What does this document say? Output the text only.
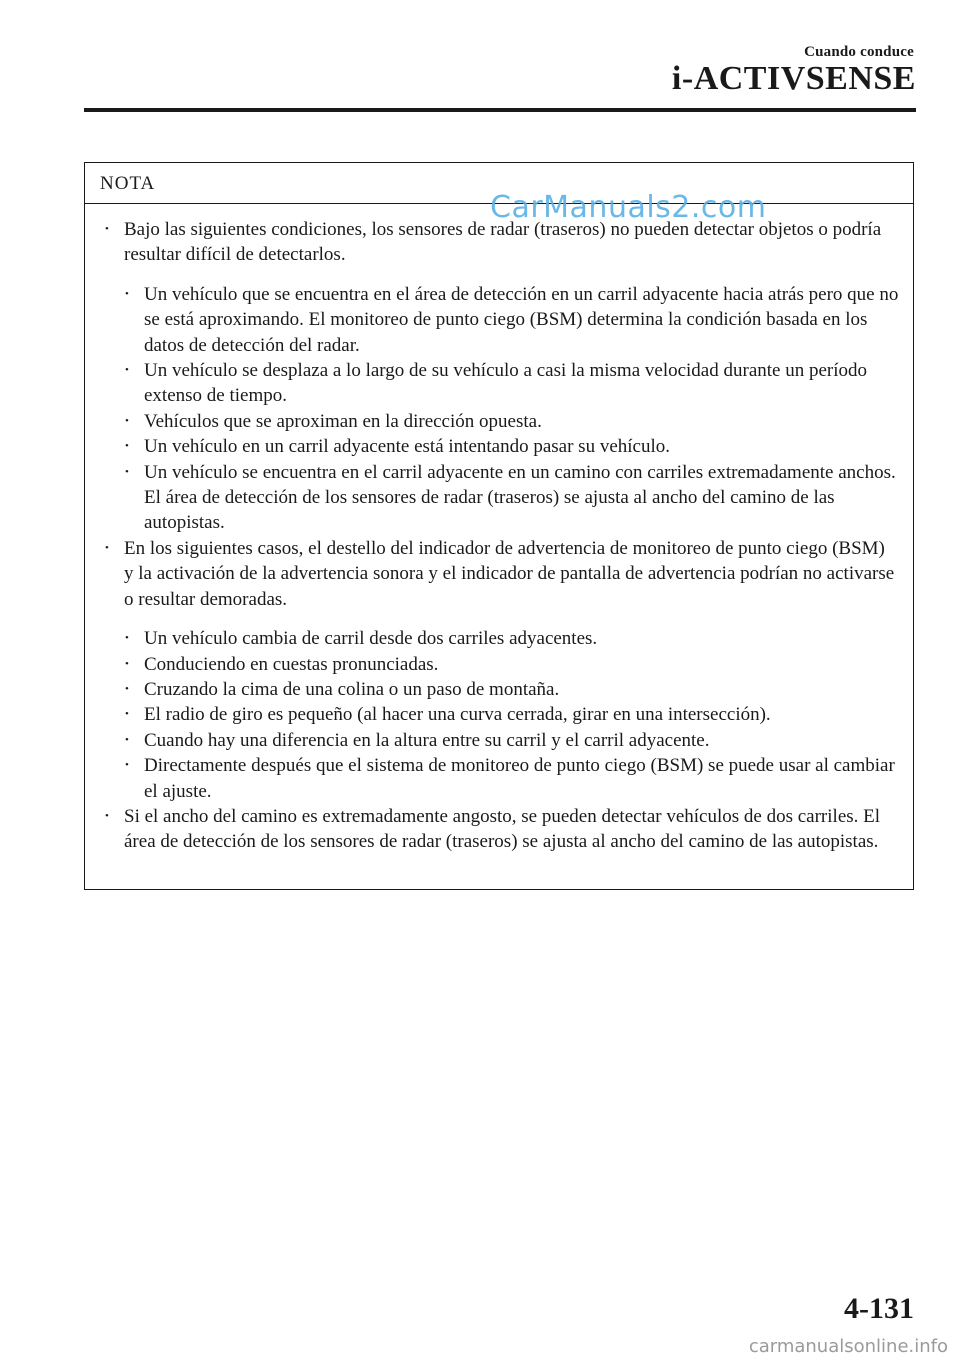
Cuando conduce
i-ACTIVSENSE
NOTA
• Bajo las siguientes condiciones, los sensores de radar (traseros) no pueden detectar objetos o podría resultar difícil de detectarlos.
• Un vehículo que se encuentra en el área de detección en un carril adyacente hacia atrás pero que no se está aproximando. El monitoreo de punto ciego (BSM) determina la condición basada en los datos de detección del radar.
• Un vehículo se desplaza a lo largo de su vehículo a casi la misma velocidad durante un período extenso de tiempo.
• Vehículos que se aproximan en la dirección opuesta.
• Un vehículo en un carril adyacente está intentando pasar su vehículo.
• Un vehículo se encuentra en el carril adyacente en un camino con carriles extremadamente anchos. El área de detección de los sensores de radar (traseros) se ajusta al ancho del camino de las autopistas.
• En los siguientes casos, el destello del indicador de advertencia de monitoreo de punto ciego (BSM) y la activación de la advertencia sonora y el indicador de pantalla de advertencia podrían no activarse o resultar demoradas.
• Un vehículo cambia de carril desde dos carriles adyacentes.
• Conduciendo en cuestas pronunciadas.
• Cruzando la cima de una colina o un paso de montaña.
• El radio de giro es pequeño (al hacer una curva cerrada, girar en una intersección).
• Cuando hay una diferencia en la altura entre su carril y el carril adyacente.
• Directamente después que el sistema de monitoreo de punto ciego (BSM) se puede usar al cambiar el ajuste.
• Si el ancho del camino es extremadamente angosto, se pueden detectar vehículos de dos carriles. El área de detección de los sensores de radar (traseros) se ajusta al ancho del camino de las autopistas.
CarManuals2.com
4-131
carmanualsonline.info
